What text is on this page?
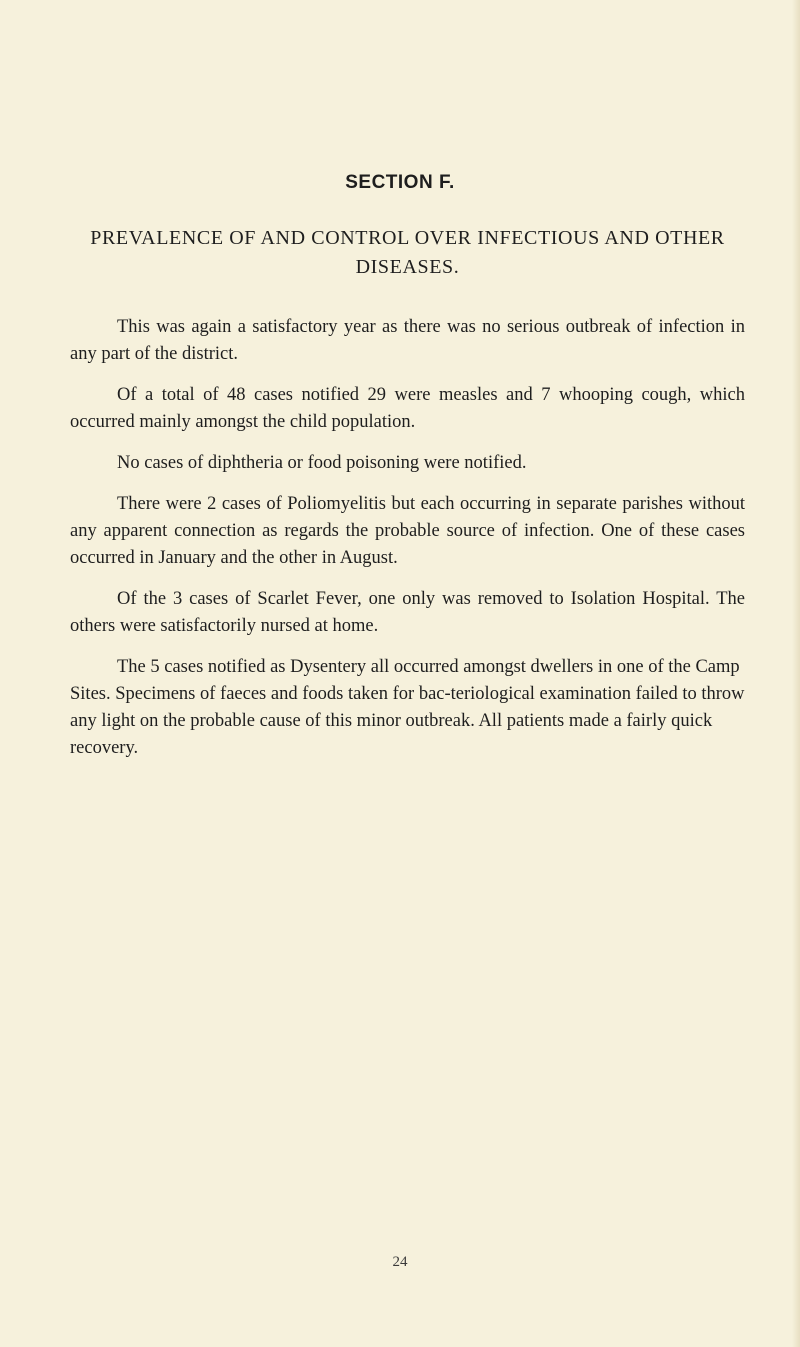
SECTION F.
PREVALENCE OF AND CONTROL OVER INFECTIOUS AND OTHER DISEASES.

This was again a satisfactory year as there was no serious outbreak of infection in any part of the district.

Of a total of 48 cases notified 29 were measles and 7 whooping cough, which occurred mainly amongst the child population.

No cases of diphtheria or food poisoning were notified.

There were 2 cases of Poliomyelitis but each occurring in separate parishes without any apparent connection as regards the probable source of infection. One of these cases occurred in January and the other in August.

Of the 3 cases of Scarlet Fever, one only was removed to Isolation Hospital. The others were satisfactorily nursed at home.

The 5 cases notified as Dysentery all occurred amongst dwellers in one of the Camp Sites. Specimens of faeces and foods taken for bac-teriological examination failed to throw any light on the probable cause of this minor outbreak. All patients made a fairly quick recovery.

24
